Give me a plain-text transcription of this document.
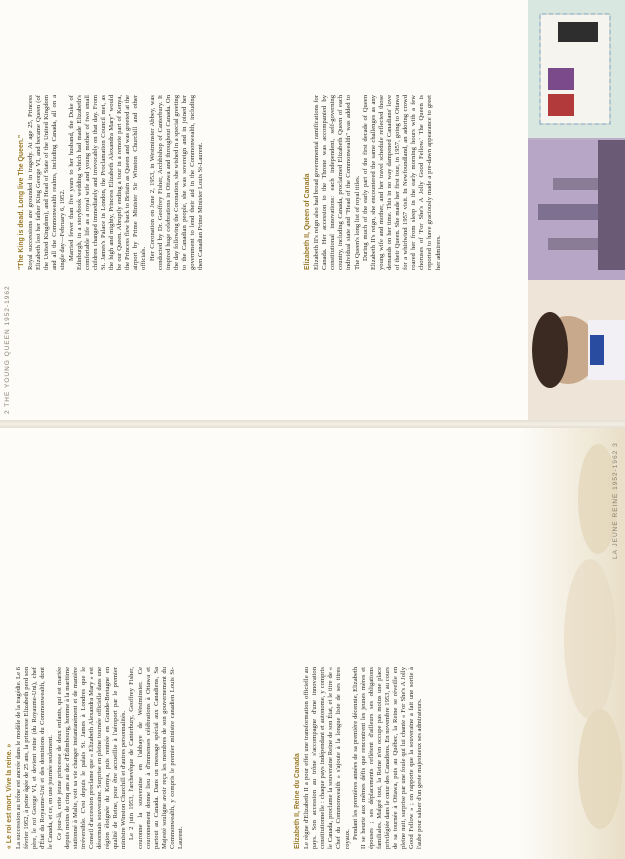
2 THE YOUNG QUEEN 1952-1962
"The King is dead. Long live The Queen." Royal successions are grounded in tragedy. At age 25, Princess Elizabeth lost her father King George VI, and became Queen (of the United Kingdom), and Head of State of the United Kingdom and all the Commonwealth realms, including Canada, all on a single day—February 6, 1952. Married fewer than five years to her husband, the Duke of Edinburgh, in a storybook wedding which had made Elizabeth's comfortable life as a royal wife and young mother of two small children changed immediately and irrevocably on that day. From St. James's Palace in London, the Proclamation Council met, as the high and mighty, Princess Elizabeth Alexandra Mary" would be our Queen. Abruptly ending a tour in a remote part of Kenya, the Princess flew back to Britain as Queen and was greeted at the airport by Prime Minister Sir Winston Churchill and other officials. Her Coronation on June 2, 1953, in Westminster Abbey, was conducted by Dr. Geoffrey Fisher, Archbishop of Canterbury. It inspired huge celebrations in Ottawa and throughout Canada. On the day following the Coronation, she wished in a special greeting to the Canadian people, she was sovereign and in joined her government to lend their aid in the Commonwealth, including then Canadian Prime Minister Louis St-Laurent.	Elizabeth II, Queen of Canada Elizabeth II's reign also had broad governmental ramifications for Canada. Her accession to the Throne was accompanied by constitutional innovations: each independent, self-governing country, including Canada, proclaimed Elizabeth Queen of each individual state and "Head of the Commonwealth" was added to The Queen's long list of royal titles. During much of the early part of the first decade of Queen Elizabeth II's reign, she encountered the same challenges as any young wife and mother, and her travel schedule reflected those demands on her time. This in no way dampened Canadians' love of their Queen. She made her first tour, in 1957, going to Ottawa for a whirlwind 1957 visit. In Newfoundland, an adoring crowd roared her from sleep in the early morning hours with a few choruses of 'For She's A Jolly Good Fellow.' The Queen is reported to have graciously made a pre-dawn appearance to greet her admirers.

« Le roi est mort. Vive la reine. » La succession au trône est ancrée dans le modèle de la tragédie. Le 6 février 1952, à peine âgée de 25 ans, la princesse Elizabeth perd son père, le roi George VI, et devient reine (du Royaume-Uni), chef d'État du Royaume-Uni et des dominions du Commonwealth, dont le Canada, et ce, en une journée seulement. Ce jour-là, cette jeune princesse de deux enfants, qui est mariée depuis moins de cinq ans au duc d'Édimbourg, homme à la maritime stationné à Malte, voit sa vie changer instantanément et de manière irréversible. C'est depuis le palais St. James à Londres que le Conseil d'accession proclame que « Elizabeth Alexandra Mary » est désormais souveraine. Surprise en pleine tournée officielle dans une région éloignée du Kenya, puis rentrée en Grande-Bretagne en qualité de Reine, pour être accueillie à l'aéroport par le premier ministre Winston Churchill et d'autres personnalités. Le 2 juin 1953, l'archevêque de Canterbury, Geoffrey Fisher, couronne la souveraine en l'abbaye de Westminster. Ce couronnement donne lieu à d'immenses célébrations à Ottawa et partout au Canada. Dans un message spécial aux Canadiens, Sa Majesté souligne avoir reçu les membres de son gouvernement du Commonwealth, y compris le premier ministre canadien Louis St-Laurent.	Elizabeth II, Reine du Canada Le règne d'Elizabeth II a pour effet une transformation officielle au pays. Son accession au trône s'accompagne d'une innovation constitutionnelle : chaque pays indépendant et autonome, y compris le Canada, proclame la souveraine Reine de son État, et le titre de « Chef du Commonwealth » s'ajoute à la longue liste de ses titres royaux. Pendant les premières années de sa première décennie, Elizabeth II se heurte aux mêmes défis que rencontrent les jeunes mères et épouses ; ses déplacements reflètent d'ailleurs ses obligations familiales. Malgré tout, la Reine n'en occupe pas moins une place privilégiée dans le cœur des Canadiens. En novembre 1953, au cours de sa tournée à Ottawa, puis au Québec, la Reine se réveille en pleine nuit, surprise par une foule qui lui chante « For She's A Jolly Good Fellow » ; on rapporte que la souveraine a fait une sortie à l'aube pour saluer d'un geste majestueux ses admirateurs.

LA JEUNE REINE 1952-1962 3
